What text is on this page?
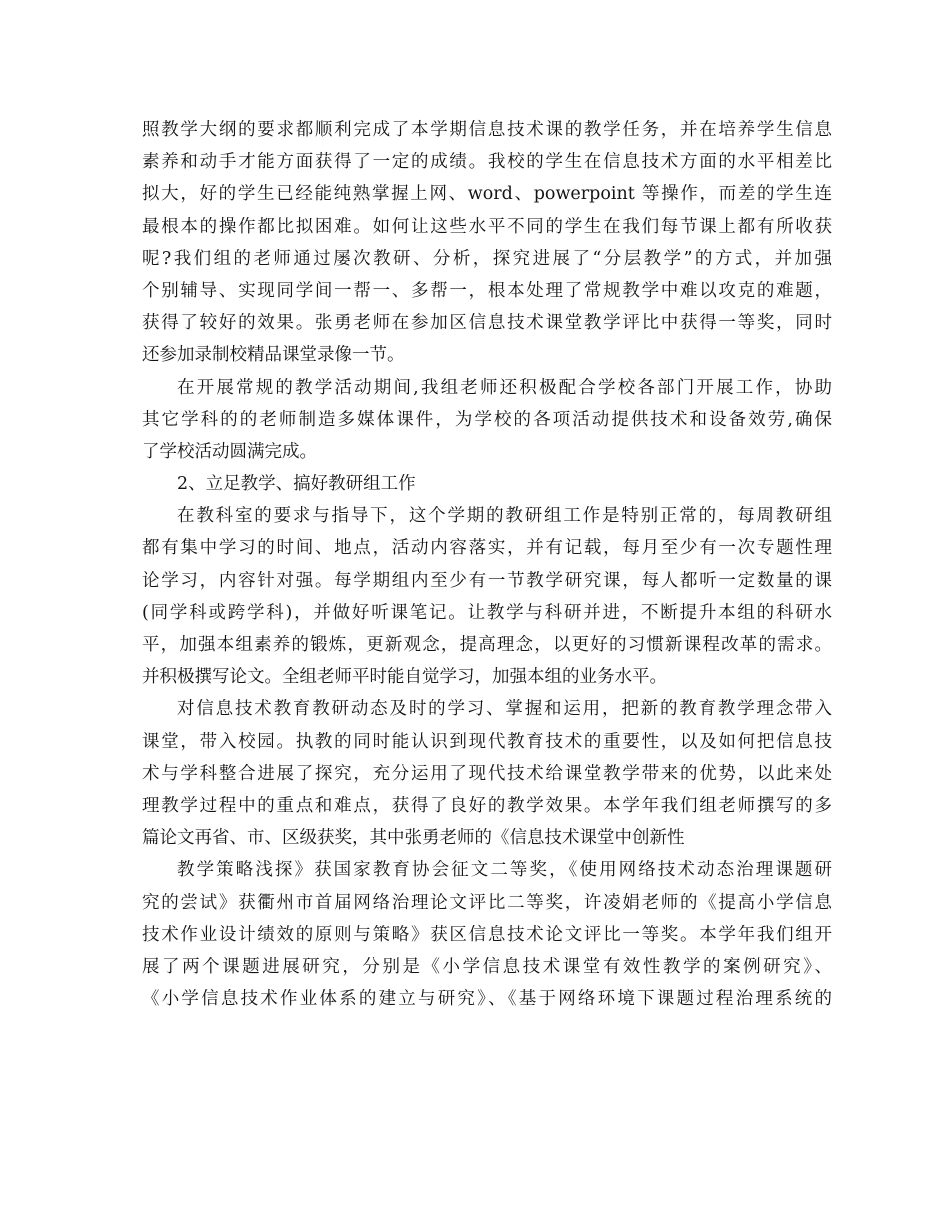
照教学大纲的要求都顺利完成了本学期信息技术课的教学任务，并在培养学生信息
素养和动手才能方面获得了一定的成绩。我校的学生在信息技术方面的水平相差比
拟大，好的学生已经能纯熟掌握上网、word、powerpoint 等操作，而差的学生连
最根本的操作都比拟困难。如何让这些水平不同的学生在我们每节课上都有所收获
呢?我们组的老师通过屡次教研、分析，探究进展了“分层教学”的方式，并加强
个别辅导、实现同学间一帮一、多帮一，根本处理了常规教学中难以攻克的难题，
获得了较好的效果。张勇老师在参加区信息技术课堂教学评比中获得一等奖，同时
还参加录制校精品课堂录像一节。
在开展常规的教学活动期间,我组老师还积极配合学校各部门开展工作，协助
其它学科的的老师制造多媒体课件，为学校的各项活动提供技术和设备效劳,确保
了学校活动圆满完成。
2、立足教学、搞好教研组工作
在教科室的要求与指导下，这个学期的教研组工作是特别正常的，每周教研组
都有集中学习的时间、地点，活动内容落实，并有记载，每月至少有一次专题性理
论学习，内容针对强。每学期组内至少有一节教学研究课，每人都听一定数量的课
(同学科或跨学科)，并做好听课笔记。让教学与科研并进，不断提升本组的科研水
平，加强本组素养的锻炼，更新观念，提高理念，以更好的习惯新课程改革的需求。
并积极撰写论文。全组老师平时能自觉学习，加强本组的业务水平。
对信息技术教育教研动态及时的学习、掌握和运用，把新的教育教学理念带入
课堂，带入校园。执教的同时能认识到现代教育技术的重要性，以及如何把信息技
术与学科整合进展了探究，充分运用了现代技术给课堂教学带来的优势，以此来处
理教学过程中的重点和难点，获得了良好的教学效果。本学年我们组老师撰写的多
篇论文再省、市、区级获奖，其中张勇老师的《信息技术课堂中创新性
教学策略浅探》获国家教育协会征文二等奖，《使用网络技术动态治理课题研
究的尝试》获衢州市首届网络治理论文评比二等奖，许凌娟老师的《提高小学信息
技术作业设计绩效的原则与策略》获区信息技术论文评比一等奖。本学年我们组开
展了两个课题进展研究，分别是《小学信息技术课堂有效性教学的案例研究》、
《小学信息技术作业体系的建立与研究》、《基于网络环境下课题过程治理系统的
